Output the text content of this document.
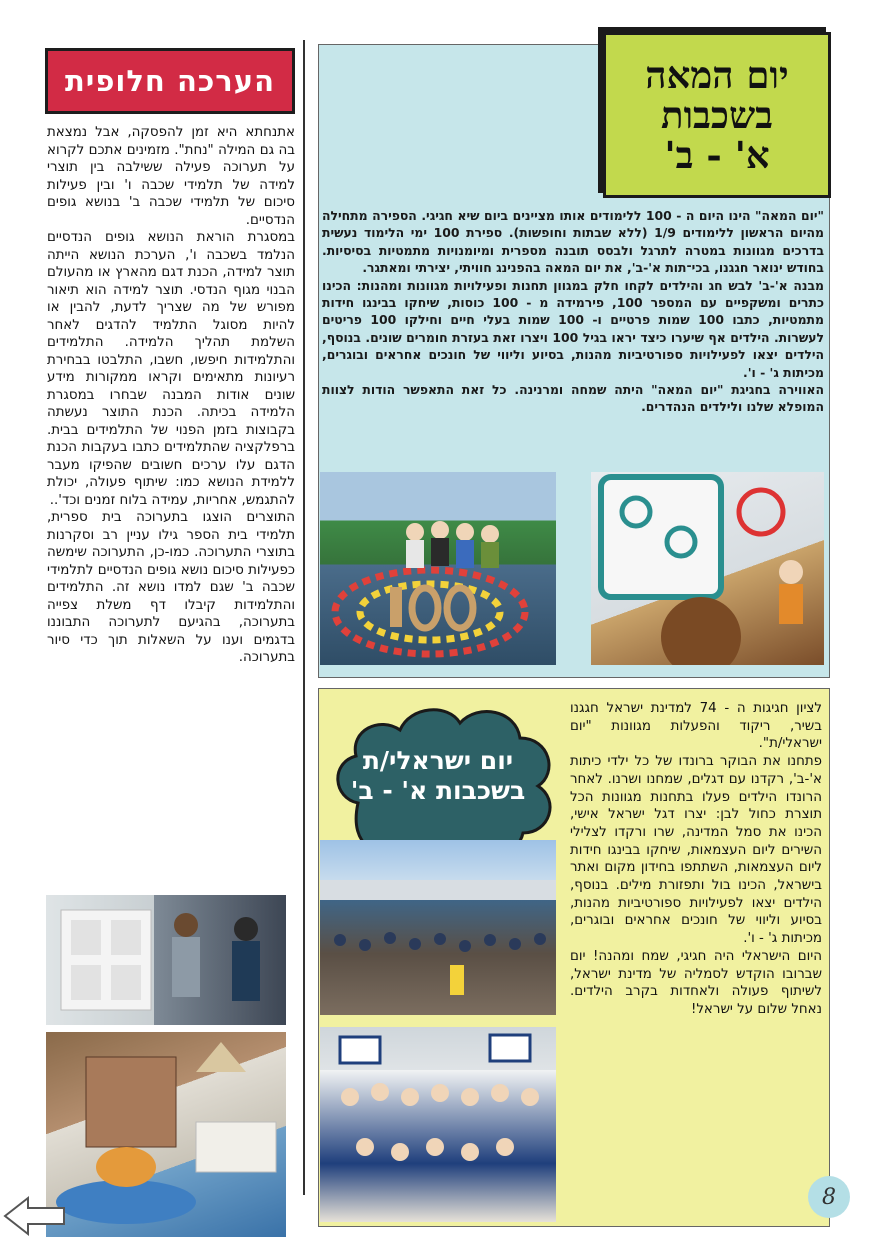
יום המאה
בשכבות
א' - ב'

"יום המאה" הינו היום ה - 100 ללימודים אותו מציינים ביום שיא חגיגי. הספירה מתחילה מהיום הראשון ללימודים 1/9 (ללא שבתות וחופשות). ספירת 100 ימי הלימוד נעשית בדרכים מגוונות במטרה לתרגל ולבסס תובנה מספרית ומיומנויות מתמטיות בסיסיות. בחודש ינואר חגגנו, בכי־תות א'-ב', את יום המאה בהפנינג חוויתי, יצירתי ומאתגר.

מבנה א'-ב' לבש חג והילדים לקחו חלק במגוון תחנות ופעילויות מגוונות ומהנות: הכינו כתרים ומשקפיים עם המספר 100, פירמידה מ - 100 כוסות, שיחקו בבינגו חידות מתמטיות, כתבו 100 שמות פרטיים ו- 100 שמות בעלי חיים וחילקו 100 פריטים לעשרות. הילדים אף שיערו כיצד יראו בגיל 100 ויצרו זאת בעזרת חומרים שונים. בנוסף, הילדים יצאו לפעילויות ספורטיביות מהנות, בסיוע וליווי של חונכים אחראים ובוגרים, מכיתות ג' - ו'.

האווירה בחגיגת "יום המאה" היתה שמחה ומרנינה. כל זאת התאפשר הודות לצוות המופלא שלנו ולילדים הנהדרים.

הערכה חלופית

אתנחתא היא זמן להפסקה, אבל נמצאת בה גם המילה "נחת". מזמינים אתכם לקרוא על תערוכה פעילה ששילבה בין תוצרי למידה של תלמידי שכבה ו' ובין פעילות סיכום של תלמידי שכבה ב' בנושא גופים הנדסיים.

במסגרת הוראת הנושא גופים הנדסיים הנלמד בשכבה ו', הערכת הנושא הייתה תוצר למידה, הכנת דגם מהארץ או מהעולם הבנוי מגוף הנדסי. תוצר למידה הוא תיאור מפורש של מה שצריך לדעת, להבין או להיות מסוגל התלמיד להדגים לאחר השלמת תהליך הלמידה. התלמידים והתלמידות חיפשו, חשבו, התלבטו בבחירת רעיונות מתאימים וקראו ממקורות מידע שונים אודות המבנה שבחרו במסגרת הלמידה בכיתה. הכנת התוצר נעשתה בקבוצות בזמן הפנוי של התלמידים בבית. ברפלקציה שהתלמידים כתבו בעקבות הכנת הדגם עלו ערכים חשובים שהפיקו מעבר ללמידת הנושא כמו: שיתוף פעולה, יכולת להתגמש, אחריות, עמידה בלוח זמנים וכד'..

התוצרים הוצגו בתערוכה בית ספרית, תלמידי בית הספר גילו עניין רב וסקרנות בתוצרי התערוכה. כמו-כן, התערוכה שימשה כפעילות סיכום נושא גופים הנדסיים לתלמידי שכבה ב' שגם למדו נושא זה. התלמידים והתלמידות קיבלו דף משלת צפייה בתערוכה, בהגיעם לתערוכה התבוננו בדגמים וענו על השאלות תוך כדי סיור בתערוכה.

יום ישראלי/ת
בשכבות א' - ב'

לציון חגיגות ה - 74 למדינת ישראל חגגנו בשיר, ריקוד והפעלות מגוונות "יום ישראלי/ת".

פתחנו את הבוקר ברונדו של כל ילדי כיתות א'-ב', רקדנו עם דגלים, שמחנו ושרנו. לאחר הרונדו הילדים פעלו בתחנות מגוונות הכל תוצרת כחול לבן: יצרו דגל ישראל אישי, הכינו את סמל המדינה, שרו ורקדו לצלילי השירים ליום העצמאות, שיחקו בבינגו חידות ליום העצמאות, השתתפו בחידון מקום ואתר בישראל, הכינו בול ותפזורת מילים. בנוסף, הילדים יצאו לפעילויות ספורטיביות מהנות, בסיוע וליווי של חונכים אחראים ובוגרים, מכיתות ג' - ו'.

היום הישראלי היה חגיגי, שמח ומהנה! יום שברובו הוקדש לסמליה של מדינת ישראל, לשיתוף פעולה ולאחדות בקרב הילדים. נאחל שלום על ישראל!

8
